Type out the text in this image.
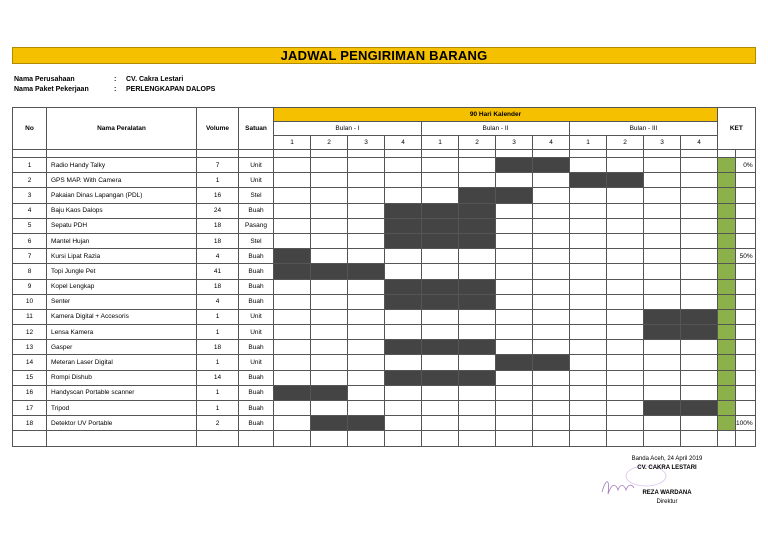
JADWAL PENGIRIMAN BARANG
Nama Perusahaan	: CV. Cakra Lestari
Nama Paket Pekerjaan	: PERLENGKAPAN DALOPS
No	Nama Peralatan	Volume	Satuan	90 Hari Kalender												KET	
				Bulan - I				Bulan - II				Bulan - III					
				1	2	3	4	1	2	3	4	1	2	3	4		

1	Radio Handy Talky	7	Unit														0%
2	GPS MAP. With Camera	1	Unit														
3	Pakaian Dinas Lapangan (PDL)	16	Stel														
4	Baju Kaos Dalops	24	Buah														
5	Sepatu PDH	18	Pasang														
6	Mantel Hujan	18	Stel														
7	Kursi Lipat Razia	4	Buah														50%
8	Topi Jungle Pet	41	Buah														
9	Kopel Lengkap	18	Buah														
10	Senter	4	Buah														
11	Kamera Digital + Accesoris	1	Unit														
12	Lensa Kamera	1	Unit														
13	Gasper	18	Buah														
14	Meteran Laser Digital	1	Unit														
15	Rompi Dishub	14	Buah														
16	Handyscan Portable scanner	1	Buah														
17	Tripod	1	Buah														
18	Detektor UV Portable	2	Buah														100%

Banda Aceh, 24 April 2019
CV. CAKRA LESTARI
REZA WARDANA
Direktur
